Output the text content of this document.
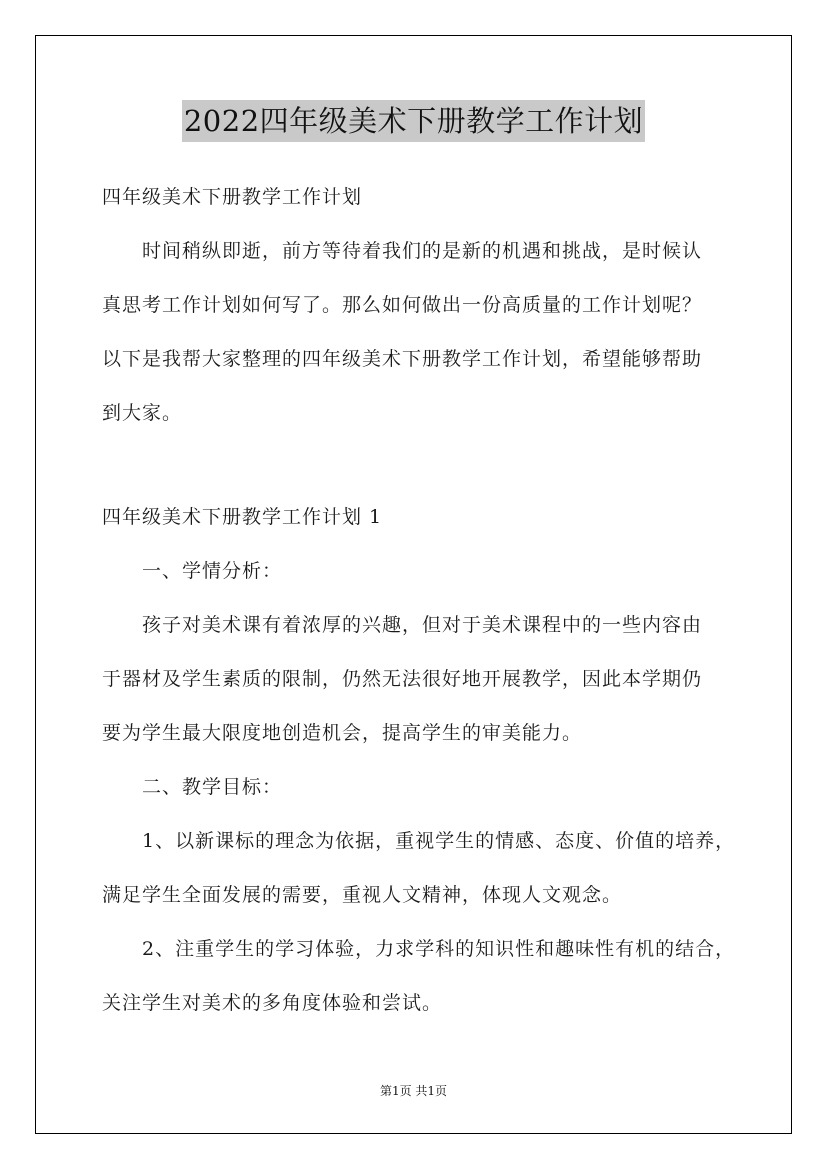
2022四年级美术下册教学工作计划
四年级美术下册教学工作计划
时间稍纵即逝，前方等待着我们的是新的机遇和挑战，是时候认
真思考工作计划如何写了。那么如何做出一份高质量的工作计划呢？
以下是我帮大家整理的四年级美术下册教学工作计划，希望能够帮助
到大家。
四年级美术下册教学工作计划 1
一、学情分析：
孩子对美术课有着浓厚的兴趣，但对于美术课程中的一些内容由
于器材及学生素质的限制，仍然无法很好地开展教学，因此本学期仍
要为学生最大限度地创造机会，提高学生的审美能力。
二、教学目标：
1、以新课标的理念为依据，重视学生的情感、态度、价值的培养，
满足学生全面发展的需要，重视人文精神，体现人文观念。
2、注重学生的学习体验，力求学科的知识性和趣味性有机的结合，
关注学生对美术的多角度体验和尝试。
第1页 共1页
